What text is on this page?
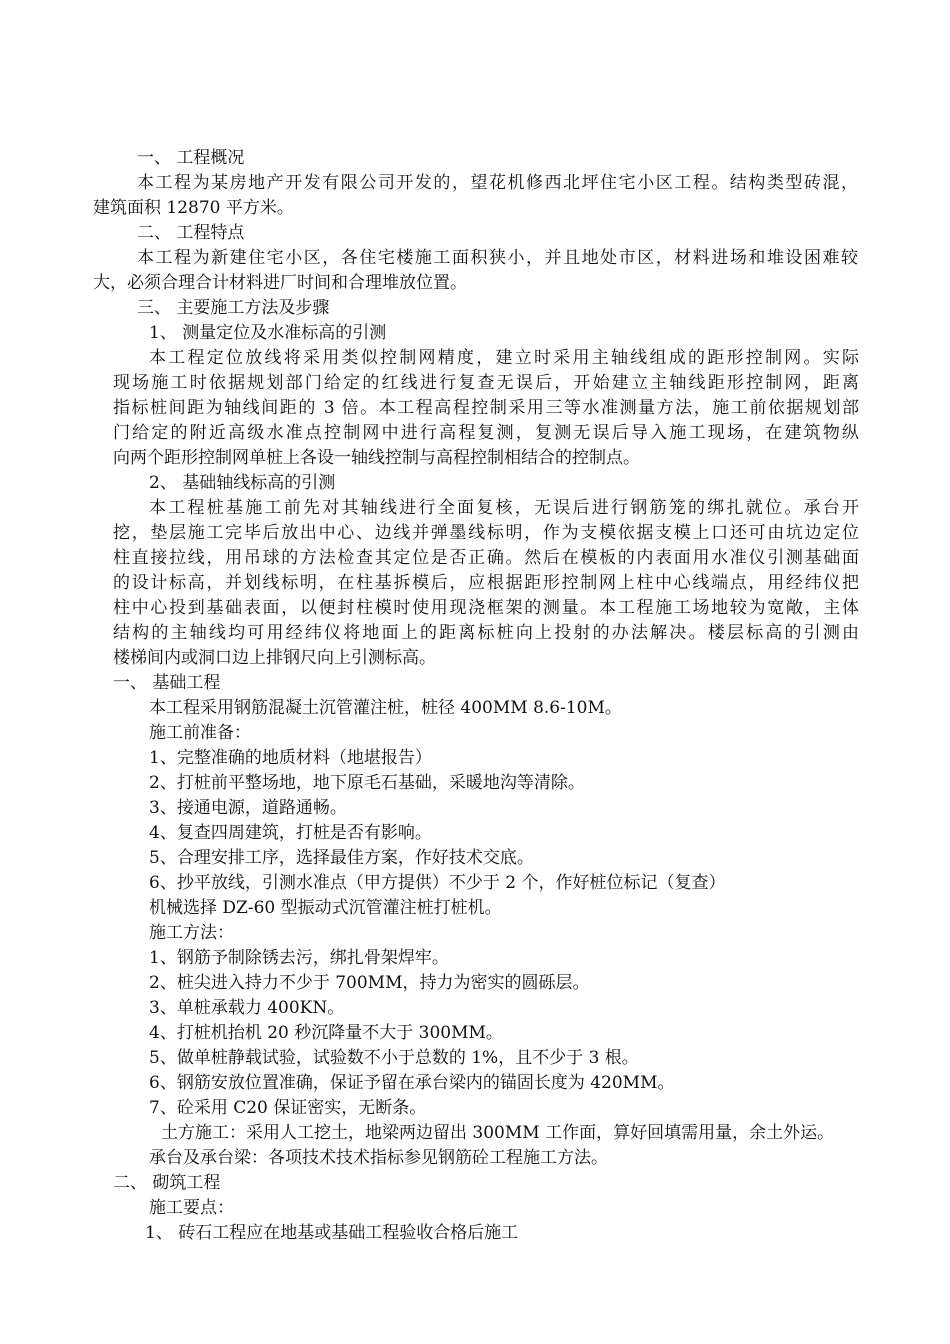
一、 工程概况
本工程为某房地产开发有限公司开发的，望花机修西北坪住宅小区工程。结构类型砖混，
建筑面积 12870 平方米。
二、 工程特点
本工程为新建住宅小区，各住宅楼施工面积狭小，并且地处市区，材料进场和堆设困难较
大，必须合理合计材料进厂时间和合理堆放位置。
三、 主要施工方法及步骤
1、 测量定位及水准标高的引测
本工程定位放线将采用类似控制网精度，建立时采用主轴线组成的距形控制网。实际
现场施工时依据规划部门给定的红线进行复查无误后，开始建立主轴线距形控制网，距离
指标桩间距为轴线间距的 3 倍。本工程高程控制采用三等水准测量方法，施工前依据规划部
门给定的附近高级水准点控制网中进行高程复测，复测无误后导入施工现场，在建筑物纵
向两个距形控制网单桩上各设一轴线控制与高程控制相结合的控制点。
2、 基础轴线标高的引测
本工程桩基施工前先对其轴线进行全面复核，无误后进行钢筋笼的绑扎就位。承台开
挖，垫层施工完毕后放出中心、边线并弹墨线标明，作为支模依据支模上口还可由坑边定位
柱直接拉线，用吊球的方法检查其定位是否正确。然后在模板的内表面用水准仪引测基础面
的设计标高，并划线标明，在柱基拆模后，应根据距形控制网上柱中心线端点，用经纬仪把
柱中心投到基础表面，以便封柱模时使用现浇框架的测量。本工程施工场地较为宽敞，主体
结构的主轴线均可用经纬仪将地面上的距离标桩向上投射的办法解决。楼层标高的引测由
楼梯间内或洞口边上排钢尺向上引测标高。
一、 基础工程
本工程采用钢筋混凝土沉管灌注桩，桩径 400MM 8.6-10M。
施工前准备：
1、完整准确的地质材料（地堪报告）
2、打桩前平整场地，地下原毛石基础，采暖地沟等清除。
3、接通电源，道路通畅。
4、复查四周建筑，打桩是否有影响。
5、合理安排工序，选择最佳方案，作好技术交底。
6、抄平放线，引测水准点（甲方提供）不少于 2 个，作好桩位标记（复查）
机械选择 DZ-60 型振动式沉管灌注桩打桩机。
施工方法：
1、钢筋予制除锈去污，绑扎骨架焊牢。
2、桩尖进入持力不少于 700MM，持力为密实的圆砾层。
3、单桩承载力 400KN。
4、打桩机抬机 20 秒沉降量不大于 300MM。
5、做单桩静载试验，试验数不小于总数的 1%，且不少于 3 根。
6、钢筋安放位置准确，保证予留在承台梁内的锚固长度为 420MM。
7、砼采用 C20 保证密实，无断条。
土方施工：采用人工挖土，地梁两边留出 300MM 工作面，算好回填需用量，余土外运。
承台及承台梁：各项技术技术指标参见钢筋砼工程施工方法。
二、 砌筑工程
施工要点：
1、 砖石工程应在地基或基础工程验收合格后施工
